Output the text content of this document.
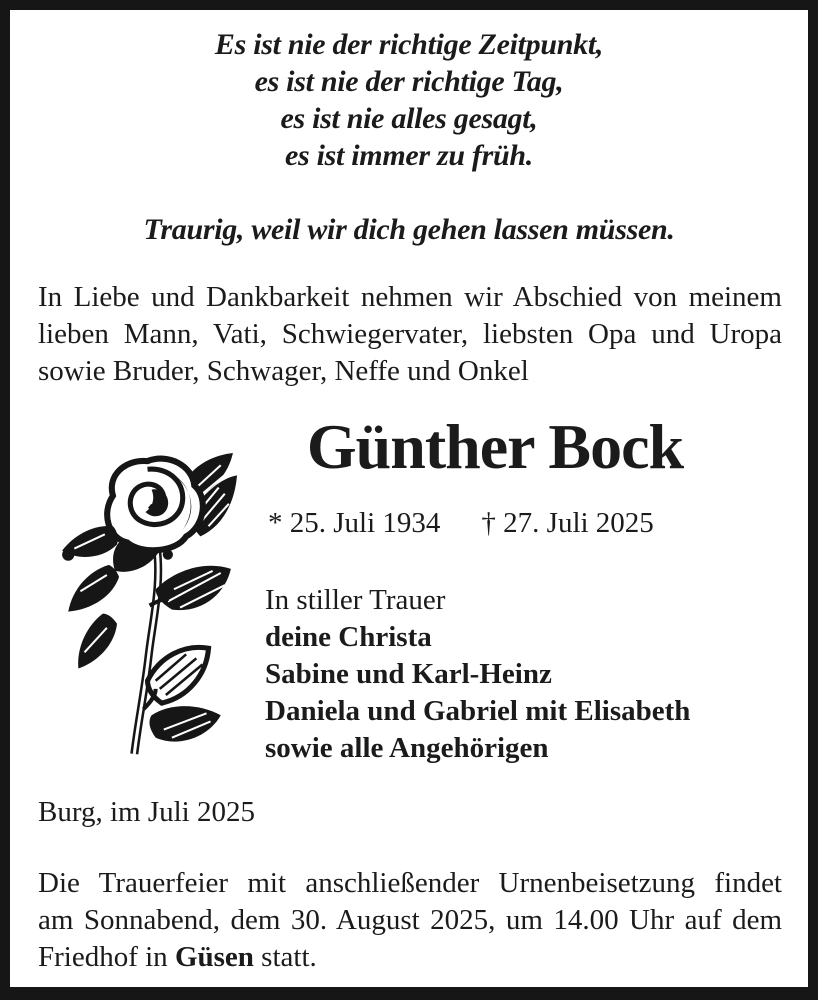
Es ist nie der richtige Zeitpunkt,
es ist nie der richtige Tag,
es ist nie alles gesagt,
es ist immer zu früh.
Traurig, weil wir dich gehen lassen müssen.
In Liebe und Dankbarkeit nehmen wir Abschied von meinem
lieben Mann, Vati, Schwiegervater, liebsten Opa und Uropa
sowie Bruder, Schwager, Neffe und Onkel
Günther Bock
* 25. Juli 1934 † 27. Juli 2025
In stiller Trauer
deine Christa
Sabine und Karl-Heinz
Daniela und Gabriel mit Elisabeth
sowie alle Angehörigen
Burg, im Juli 2025
Die Trauerfeier mit anschließender Urnenbeisetzung findet
am Sonnabend, dem 30. August 2025, um 14.00 Uhr auf dem
Friedhof in Güsen statt.
